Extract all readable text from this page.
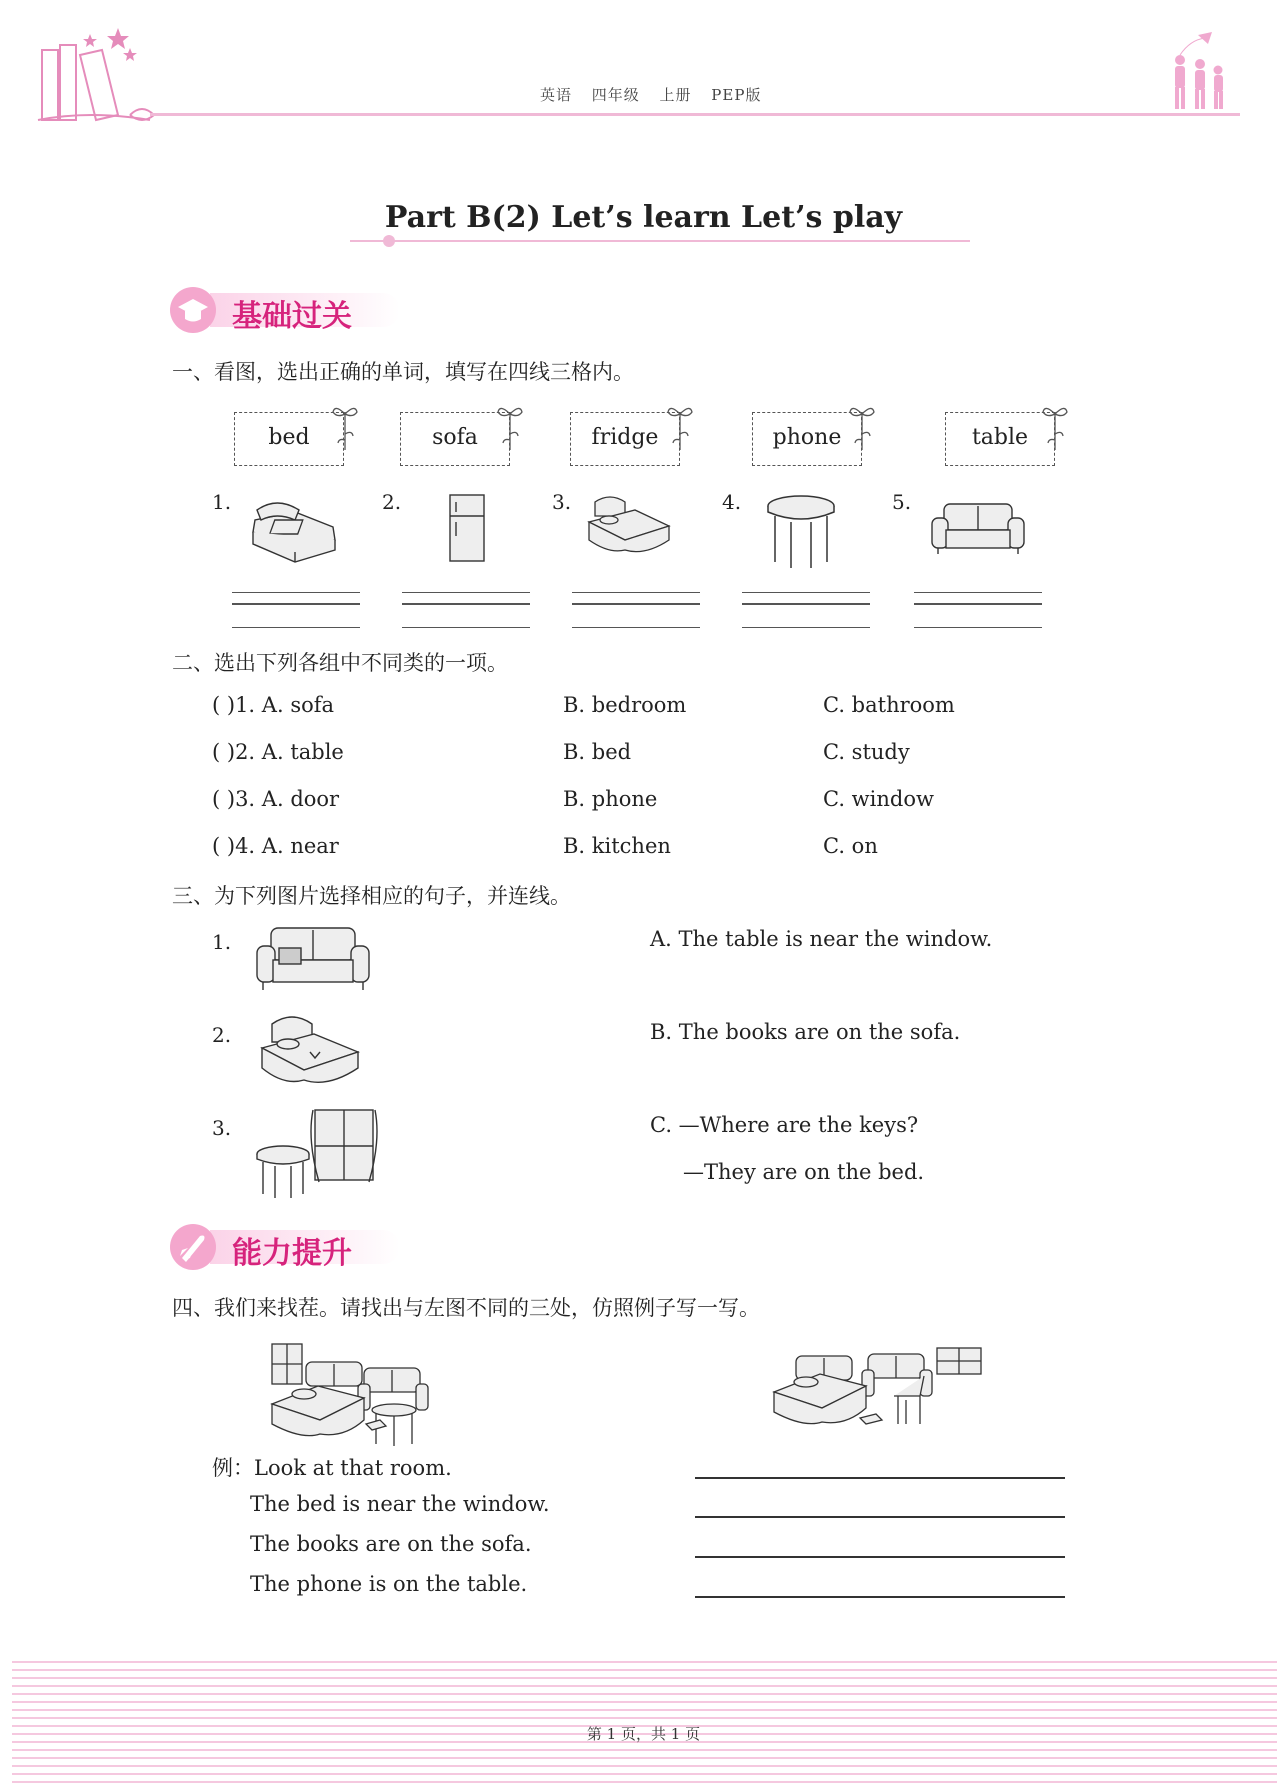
英语 四年级 上册 PEP版
Part B(2) Let’s learn Let’s play
基础过关
一、看图，选出正确的单词，填写在四线三格内。
bed	sofa	fridge	phone	table
1.	2.	3.	4.	5.
二、选出下列各组中不同类的一项。
( )1. A. sofa	B. bedroom	C. bathroom
( )2. A. table	B. bed	C. study
( )3. A. door	B. phone	C. window
( )4. A. near	B. kitchen	C. on
三、为下列图片选择相应的句子，并连线。
1.	A. The table is near the window.
2.	B. The books are on the sofa.
3.	C. —Where are the keys?
—They are on the bed.
能力提升
四、我们来找茬。请找出与左图不同的三处，仿照例子写一写。
例：Look at that room.
The bed is near the window.
The books are on the sofa.
The phone is on the table.
第 1 页，共 1 页
